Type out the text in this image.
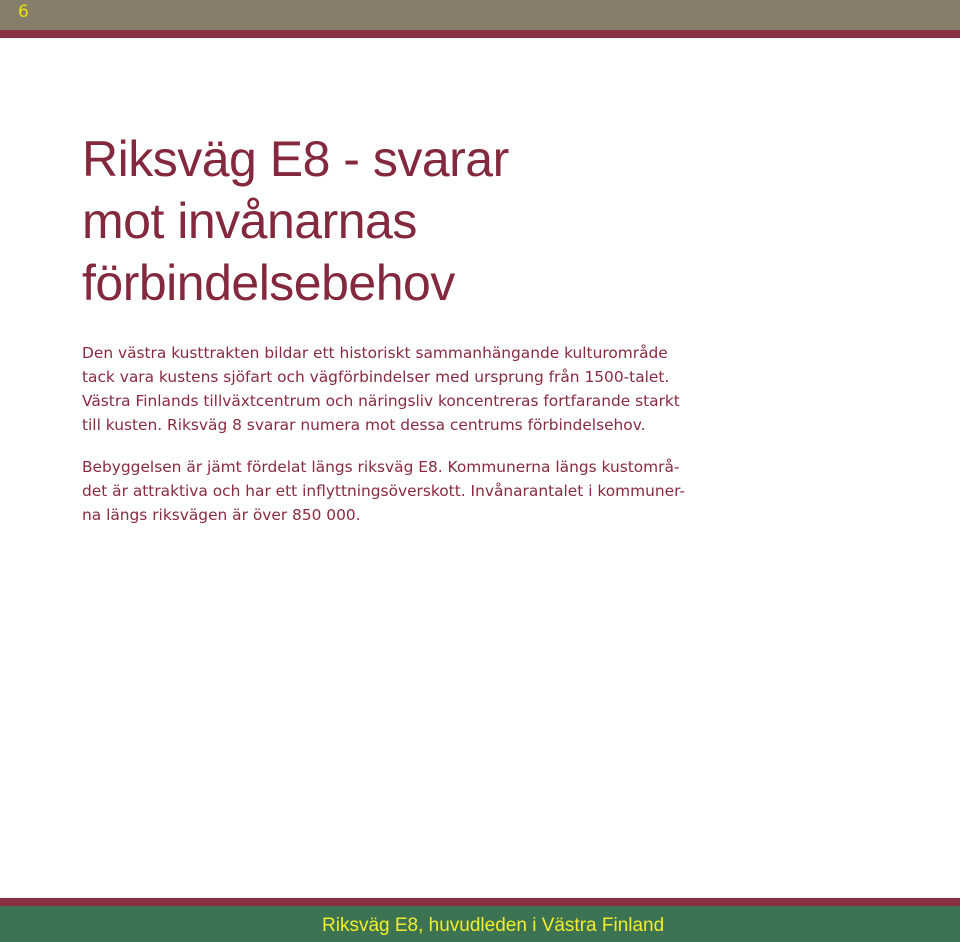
6
Riksväg E8 - svarar
mot invånarnas
förbindelsebehov

Den västra kusttrakten bildar ett historiskt sammanhängande kulturområde
tack vara kustens sjöfart och vägförbindelser med ursprung från 1500-talet.
Västra Finlands tillväxtcentrum och näringsliv koncentreras fortfarande starkt
till kusten. Riksväg 8 svarar numera mot dessa centrums förbindelsehov.

Bebyggelsen är jämt fördelat längs riksväg E8. Kommunerna längs kustområ-
det är attraktiva och har ett inflyttningsöverskott. Invånarantalet i kommuner-
na längs riksvägen är över 850 000.

Riksväg E8, huvudleden i Västra Finland
